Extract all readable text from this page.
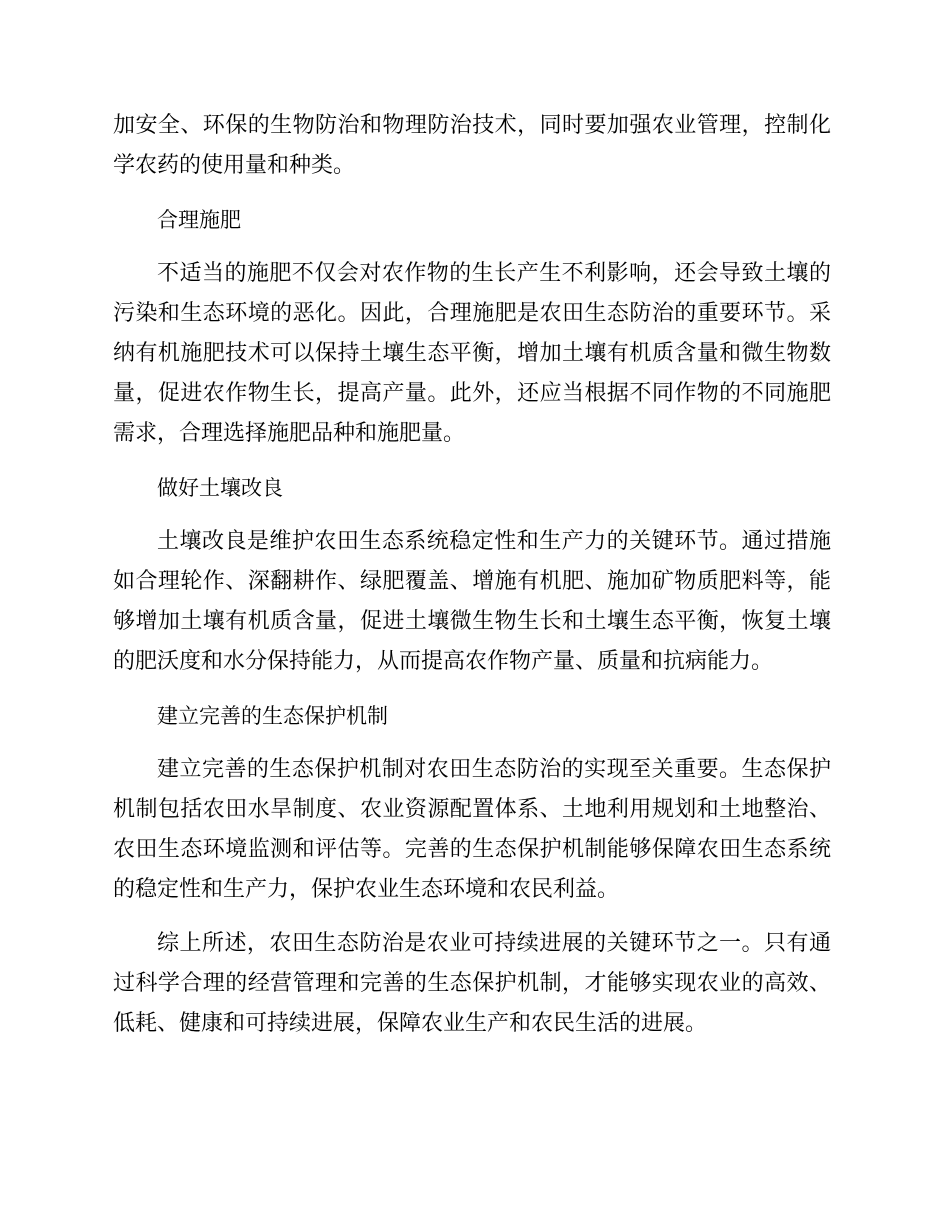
加安全、环保的生物防治和物理防治技术，同时要加强农业管理，控制化学农药的使用量和种类。

合理施肥

不适当的施肥不仅会对农作物的生长产生不利影响，还会导致土壤的污染和生态环境的恶化。因此，合理施肥是农田生态防治的重要环节。采纳有机施肥技术可以保持土壤生态平衡，增加土壤有机质含量和微生物数量，促进农作物生长，提高产量。此外，还应当根据不同作物的不同施肥需求，合理选择施肥品种和施肥量。

做好土壤改良

土壤改良是维护农田生态系统稳定性和生产力的关键环节。通过措施如合理轮作、深翻耕作、绿肥覆盖、增施有机肥、施加矿物质肥料等，能够增加土壤有机质含量，促进土壤微生物生长和土壤生态平衡，恢复土壤的肥沃度和水分保持能力，从而提高农作物产量、质量和抗病能力。

建立完善的生态保护机制

建立完善的生态保护机制对农田生态防治的实现至关重要。生态保护机制包括农田水旱制度、农业资源配置体系、土地利用规划和土地整治、农田生态环境监测和评估等。完善的生态保护机制能够保障农田生态系统的稳定性和生产力，保护农业生态环境和农民利益。

综上所述，农田生态防治是农业可持续进展的关键环节之一。只有通过科学合理的经营管理和完善的生态保护机制，才能够实现农业的高效、低耗、健康和可持续进展，保障农业生产和农民生活的进展。
